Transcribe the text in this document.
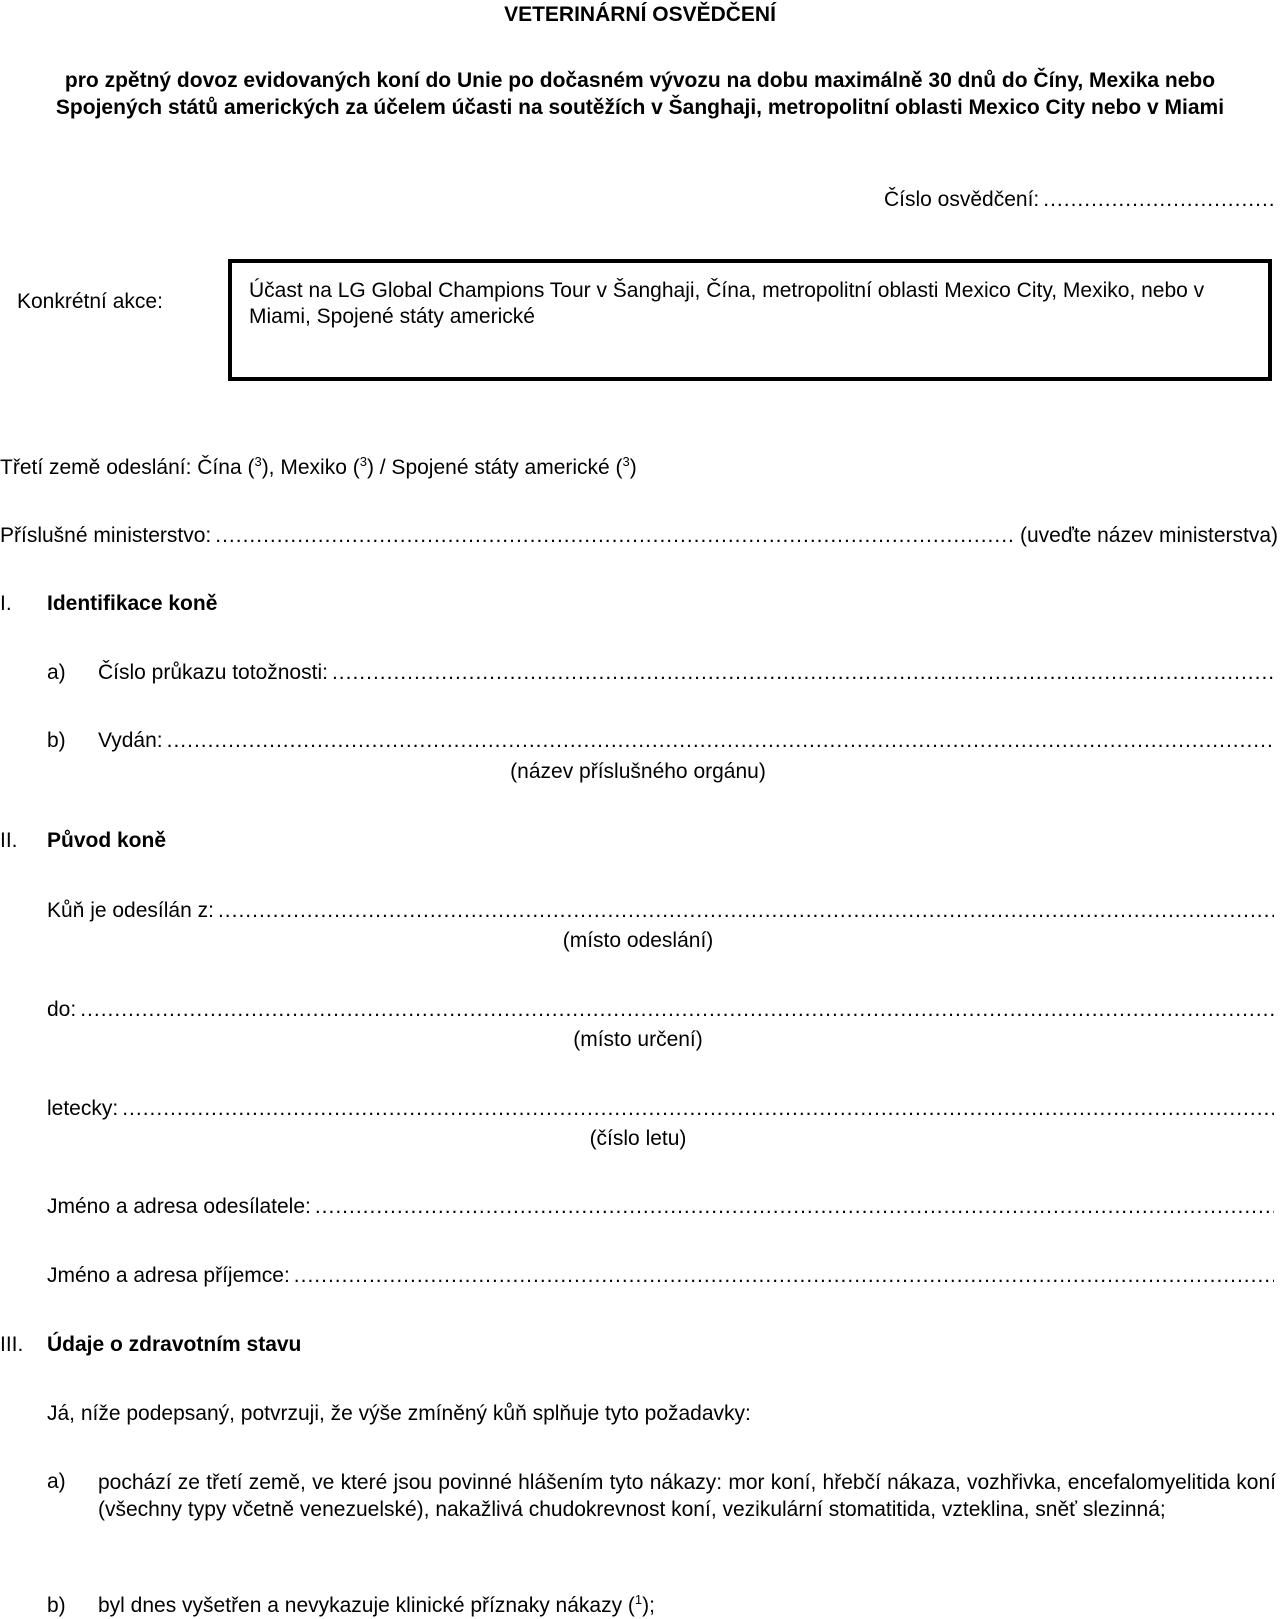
VETERINÁRNÍ OSVĚDČENÍ
pro zpětný dovoz evidovaných koní do Unie po dočasném vývozu na dobu maximálně 30 dnů do Číny, Mexika nebo Spojených států amerických za účelem účasti na soutěžích v Šanghaji, metropolitní oblasti Mexico City nebo v Miami
Číslo osvědčení:
.....
Konkrétní akce:	Účast na LG Global Champions Tour v Šanghaji, Čína, metropolitní oblasti Mexico City, Mexiko, nebo v Miami, Spojené státy americké
Třetí země odeslání: Čína ($^3$), Mexiko ($^3$) / Spojené státy americké ($^3$)
Příslušné ministerstvo:
.....	(uveďte název ministerstva)
I. Identifikace koně
a) Číslo průkazu totožnosti:
.....
b) Vydán:
.....
(název příslušného orgánu)
II. Původ koně
Kůň je odesílán z:
.....
(místo odeslání)
do:
.....
(místo určení)
letecky:
.....
(číslo letu)
Jméno a adresa odesílatele:
.....
Jméno a adresa příjemce:
.....
III. Údaje o zdravotním stavu
Já, níže podepsaný, potvrzuji, že výše zmíněný kůň splňuje tyto požadavky:
a) pochází ze třetí země, ve které jsou povinné hlášením tyto nákazy: mor koní, hřebčí nákaza, vozhřivka, encefalomyelitida koní (všechny typy včetně venezuelské), nakažlivá chudokrevnost koní, vezikulární stomatitida, vzteklina, sněť slezinná;
b) byl dnes vyšetřen a nevykazuje klinické příznaky nákazy ($^1$);
